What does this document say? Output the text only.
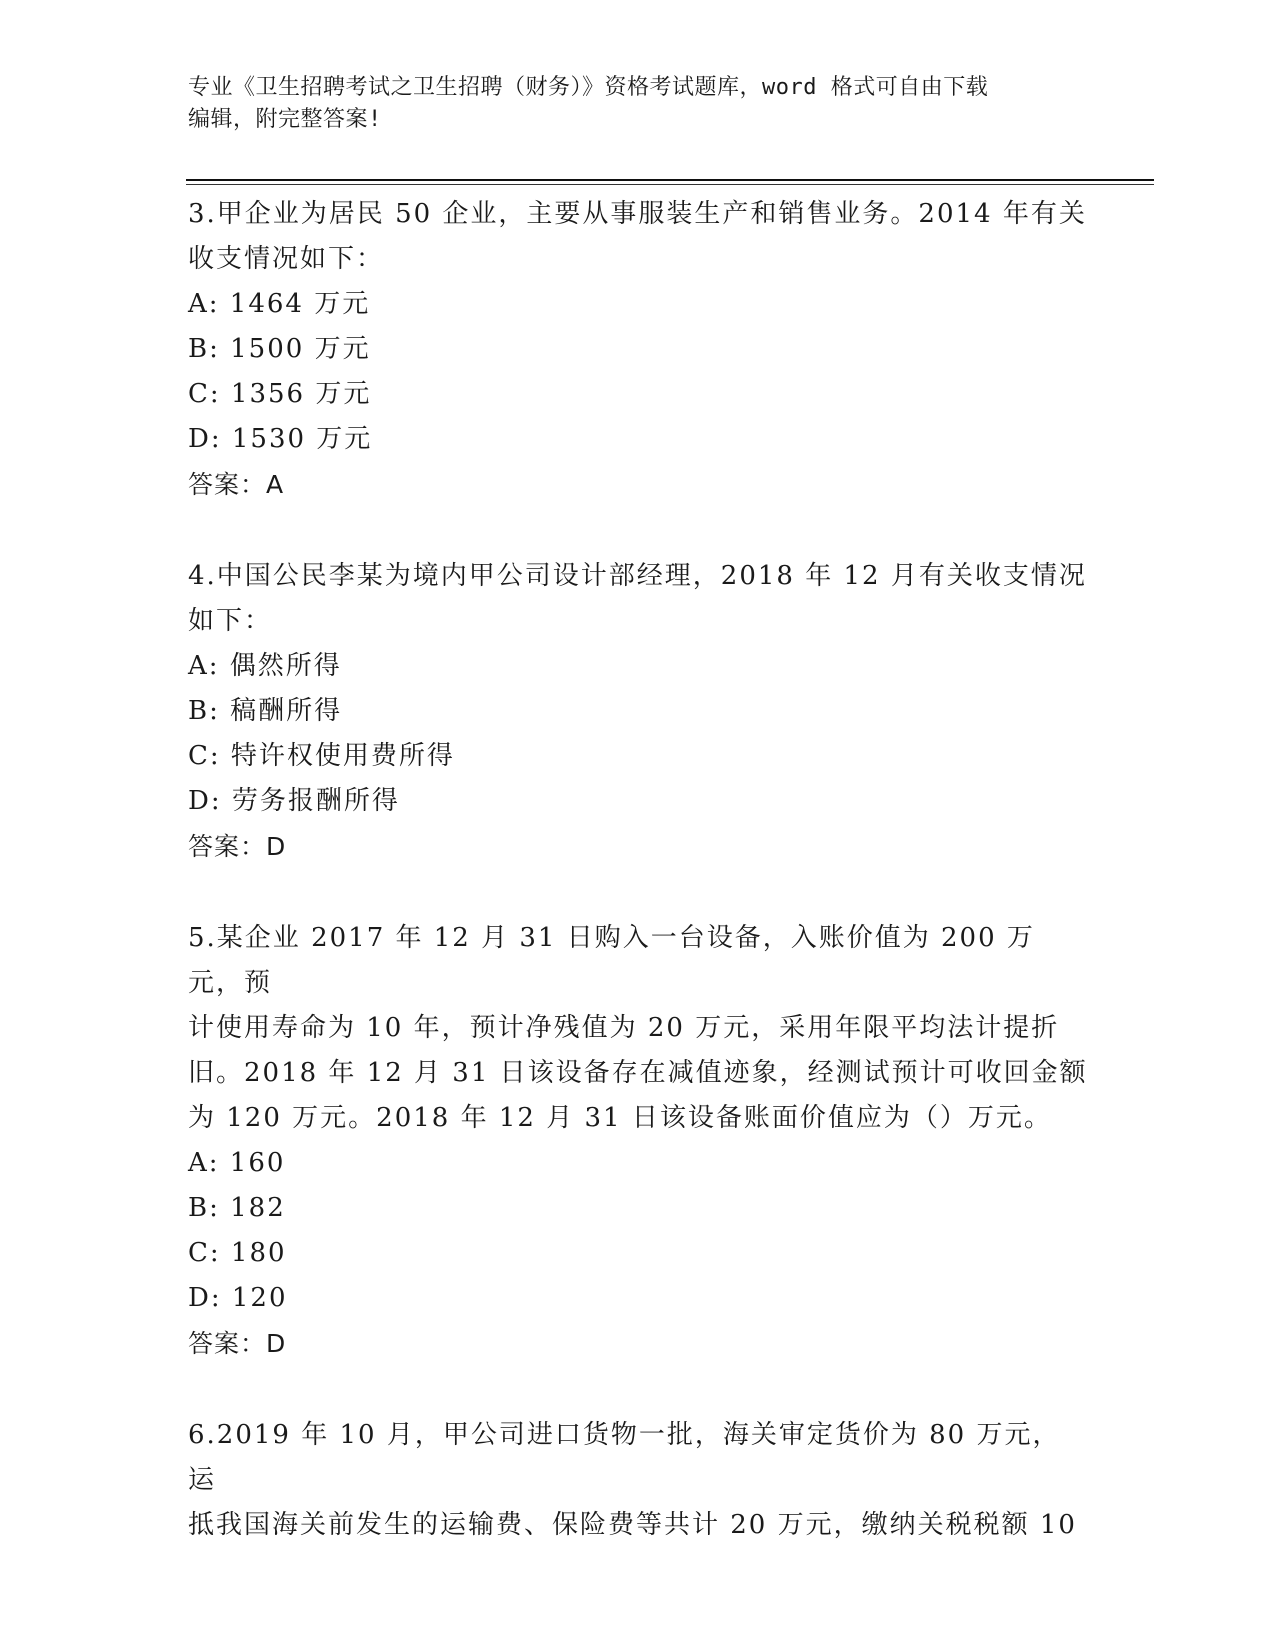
专业《卫生招聘考试之卫生招聘（财务）》资格考试题库，word 格式可自由下载
编辑，附完整答案!
3.甲企业为居民 50 企业，主要从事服装生产和销售业务。2014 年有关
收支情况如下：
A: 1464 万元
B: 1500 万元
C: 1356 万元
D: 1530 万元
答案：A
4.中国公民李某为境内甲公司设计部经理，2018 年 12 月有关收支情况
如下：
A: 偶然所得
B: 稿酬所得
C: 特许权使用费所得
D: 劳务报酬所得
答案：D
5.某企业 2017 年 12 月 31 日购入一台设备，入账价值为 200 万元，预
计使用寿命为 10 年，预计净残值为 20 万元，采用年限平均法计提折
旧。2018 年 12 月 31 日该设备存在减值迹象，经测试预计可收回金额
为 120 万元。2018 年 12 月 31 日该设备账面价值应为（）万元。
A: 160
B: 182
C: 180
D: 120
答案：D
6.2019 年 10 月，甲公司进口货物一批，海关审定货价为 80 万元，运
抵我国海关前发生的运输费、保险费等共计 20 万元，缴纳关税税额 10
